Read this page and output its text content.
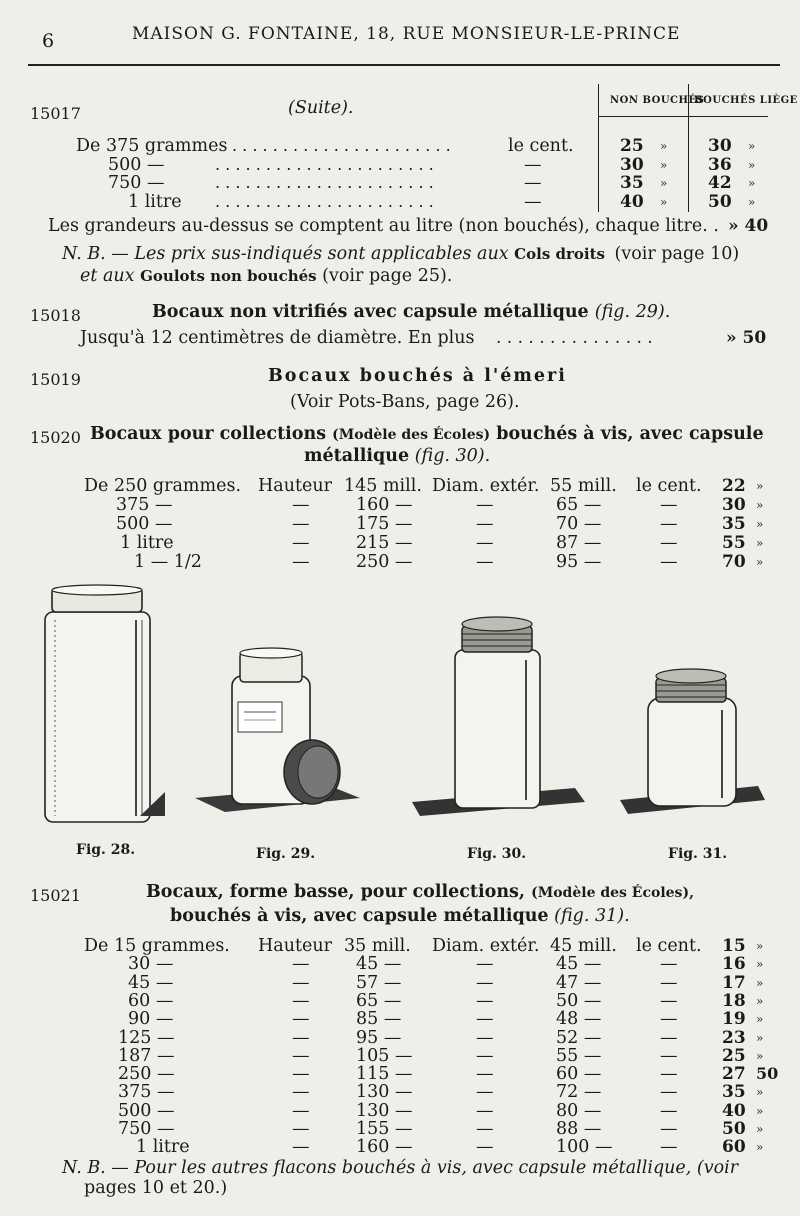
6	MAISON G. FONTAINE, 18, RUE MONSIEUR-LE-PRINCE
15017	(Suite).	NON BOUCHÉS
BOUCHÉS LIÈGE
De 375 grammes . . . . . . . . . . . . . . . . . . . . . .	le cent.	25 » 30 »
500 —	. . . . . . . . . . . . . . . . . . . . . .	—	30 » 36 »
750 —	. . . . . . . . . . . . . . . . . . . . . .	—	35 » 42 »
1 litre . . . . . . . . . . . . . . . . . . . . . .	—	40 » 50 »
Les grandeurs au-dessus se comptent au litre (non bouchés), chaque litre. . » 40
N. B. — Les prix sus-indiqués sont applicables aux Cols droits (voir page 10)
et aux Goulots non bouchés (voir page 25).
15018	Bocaux non vitrifiés avec capsule métallique (fig. 29).
Jusqu'à 12 centimètres de diamètre. En plus . . . . . . . . . . . . . . .	» 50
15019	Bocaux bouchés à l'émeri
(Voir Pots-Bans, page 26).
15020 Bocaux pour collections (Modèle des Écoles) bouchés à vis, avec capsule
métallique (fig. 30).
De 250 grammes. Hauteur 145 mill. Diam. extér. 55 mill. le cent. 22 »
375 —	—	160 —	—	65 —	—	30 »
500 —	—	175 —	—	70 —	—	35 »
1 litre	—	215 —	—	87 —	—	55 »
1 — 1/2	—	250 —	—	95 —	—	70 »
Fig. 28.	Fig. 29.	Fig. 30.	Fig. 31.
15021	Bocaux, forme basse, pour collections, (Modèle des Écoles),
bouchés à vis, avec capsule métallique (fig. 31).
De 15 grammes. Hauteur 35 mill. Diam. extér. 45 mill. le cent. 15 »
30 —	—	45 —	—	45 —	—	16 »
45 —	—	57 —	—	47 —	—	17 »
60 —	—	65 —	—	50 —	—	18 »
90 —	—	85 —	—	48 —	—	19 »
125 —	—	95 —	—	52 —	—	23 »
187 —	—	105 —	—	55 —	—	25 »
250 —	—	115 —	—	60 —	—	27 50
375 —	—	130 —	—	72 —	—	35 »
500 —	—	130 —	—	80 —	—	40 »
750 —	—	155 —	—	88 —	—	50 »
1 litre	—	160 —	—	100 —	—	60 »
N. B. — Pour les autres flacons bouchés à vis, avec capsule métallique, (voir
pages 10 et 20.)
